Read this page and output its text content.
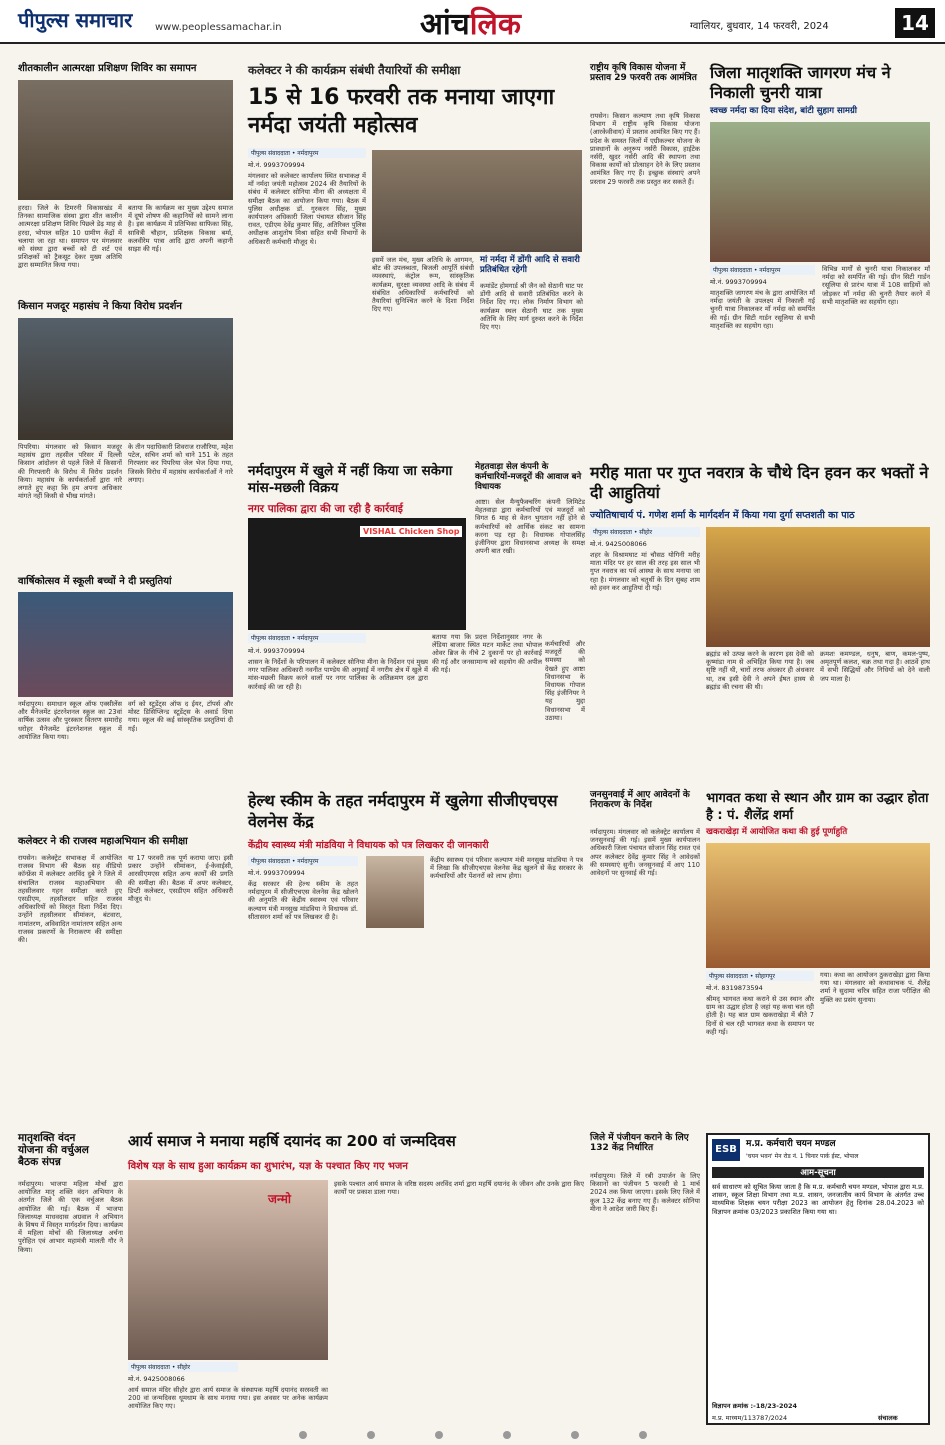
पीपुल्स समाचार www.peoplessamachar.in	आंचलिक	ग्वालियर, बुधवार, 14 फरवरी, 2024	14
शीतकालीन आत्मरक्षा प्रशिक्षण शिविर का समापन
हरदा। जिले के टिमरनी विकासखंड में तिनका सामाजिक संस्था द्वारा शीत कालीन आत्मरक्षा प्रशिक्षण शिविर पिछले डेढ़ माह से हरदा, भोपाल सहित 10 ग्रामीण केंद्रों में चलाया जा रहा था। समापन पर मंगलवार को संस्था द्वारा बच्चों को टी शर्ट एवं प्रशिक्षकों को ट्रैकसूट देकर मुख्य अतिथि द्वारा सम्मानित किया गया।
बताया कि कार्यक्रम का मुख्य उद्देश्य समाज में दूषो शोषण की कहानियों को सामने लाना है। इस कार्यक्रम में प्रतिभिका साफिका सिंह, सावित्री चौहान, प्रशिक्षक विकास बर्मा, कलवीरेम पात्रा आदि द्वारा अपनी कहानी साझा की गई।
किसान मजदूर महासंघ ने किया विरोध प्रदर्शन
पिपरिया। मंगलवार को किसान मजदूर महासंघ द्वारा तहसील परिसर में दिल्ली किसान आंदोलन से पहले जिले में किसानों की गिरफ्तारी के विरोध में विरोध प्रदर्शन किया। महासंघ के कार्यकर्ताओं द्वारा नारे लगाते हुए कहा कि हम अपना अधिकार मांगते नहीं किसी से भीख मांगते।
के तीन पदाधिकारी शिवराज राजौरिया, महेश पटेल, सचिन शर्मा को थाने 151 के तहत गिरफ्तार कर पिपरिया जेल भेज दिया गया, जिसके विरोध में महासंघ कार्यकर्ताओं ने नारे लगाए।
वार्षिकोत्सव में स्कूली बच्चों ने दी प्रस्तुतियां
नर्मदापुरम। समाधान स्कूल ऑफ एक्सीलेंस और मैनेजमेंट इंटरनेशनल स्कूल का 23वां वार्षिक उत्सव और पुरस्कार वितरण समारोह धरोहर मैनेजमेंट इंटरनेशनल स्कूल में आयोजित किया गया।
वर्ग को स्टूडेंट्स ऑफ द ईयर, टॉपर्स और मोस्ट डिसिप्लिन्ड स्टूडेंट्स के अवार्ड दिया गया। स्कूल की कई सांस्कृतिक प्रस्तुतियां दी गईं।
कलेक्टर ने की राजस्व महाअभियान की समीक्षा
रायसेन। कलेक्ट्रेट सभाकक्ष में आयोजित राजस्व विभाग की बैठक सह वीडियो कॉन्फ्रेंस में कलेक्टर अरविंद दुबे ने जिले में संचालित राजस्व महाअभियान की तहसीलवार गहन समीक्षा करते हुए एसडीएम, तहसीलदार सहित राजस्व अधिकारियों को विस्तृत दिशा निर्देश दिए। उन्होंने तहसीलवार सीमांकन, बंटवारा, नामांतरण, अविवादित नामांतरण सहित अन्य राजस्व प्रकरणों के निराकरण की समीक्षा की।
या 17 फरवरी तक पूर्ण कराया जाए। इसी प्रकार उन्होंने सीमांकन, ई-केवाईसी, आरसीएमएस सहित अन्य कार्यों की प्रगति की समीक्षा की। बैठक में अपर कलेक्टर, डिप्टी कलेक्टर, एसडीएम सहित अधिकारी मौजूद थे।
मातृशक्ति वंदन
योजना की वर्चुअल
बैठक संपन्न
नर्मदापुरम। भाजपा महिला मोर्चा द्वारा आयोजित मातृ शक्ति वंदन अभियान के अंतर्गत जिले की एक वर्चुअल बैठक आयोजित की गई। बैठक में भाजपा जिलाध्यक्ष माधवदास अग्रवाल ने अभियान के विषय में विस्तृत मार्गदर्शन दिया। कार्यक्रम में महिला मोर्चा की जिलाध्यक्ष अर्चना पुरोहित एवं आभार महामंत्री मालती गौर ने किया।
कलेक्टर ने की कार्यक्रम संबंधी तैयारियों की समीक्षा
15 से 16 फरवरी तक मनाया जाएगा नर्मदा जयंती महोत्सव
पीपुल्स संवाददाता • नर्मदापुरम
मो.नं. 9993709994
मंगलवार को कलेक्टर कार्यालय स्थित सभाकक्ष में माँ नर्मदा जयंती महोत्सव 2024 की तैयारियों के संबंध में कलेक्टर सोनिया मीना की अध्यक्षता में समीक्षा बैठक का आयोजन किया गया। बैठक में पुलिस अधीक्षक डॉ. गुरकरन सिंह, मुख्य कार्यपालन अधिकारी जिला पंचायत सौजान सिंह रावत, एडीएम देवेंद्र कुमार सिंह, अतिरिक्त पुलिस अधीक्षक आशुतोष मिश्रा सहित सभी विभागों के अधिकारी कर्मचारी मौजूद थे।
इसमें जल मंच, मुख्य अतिथि के आगमन, बोट की उपलब्धता, बिजली आपूर्ति संबंधी व्यवस्थाएं, कंट्रोल रूम, सांस्कृतिक कार्यक्रम, सुरक्षा व्यवस्था आदि के संबंध में संबंधित अधिकारियों कर्मचारियों को तैयारियां सुनिश्चित करने के दिशा निर्देश दिए गए।
मां नर्मदा में डोंगी आदि से सवारी प्रतिबंधित रहेगी
कमांडेंट होमगार्ड श्री जैन को सेठानी घाट पर डोंगी आदि से सवारी प्रतिबंधित करने के निर्देश दिए गए। लोक निर्माण विभाग को कार्यक्रम स्थल सेठानी घाट तक मुख्य अतिथि के लिए मार्ग दुरुस्त करने के निर्देश दिए गए।
नर्मदापुरम में खुले में नहीं किया जा सकेगा मांस-मछली विक्रय
नगर पालिका द्वारा की जा रही है कार्रवाई
VISHAL Chicken Shop
पीपुल्स संवाददाता • नर्मदापुरम
मो.नं. 9993709994
शासन के निर्देशों के परिपालन में कलेक्टर सोनिया मीना के निर्देशन एवं मुख्य नगर पालिका अधिकारी नवनीत पाण्डेय की अगुवाई में नगरीय क्षेत्र में खुले में मांस-मछली विक्रय करने वालों पर नगर पालिका के अतिक्रमण दल द्वारा कार्रवाई की जा रही है।
बताया गया कि प्रदत्त निर्देशानुसार नगर के लेंडिया बाजार स्थित मटन मार्केट तथा भोपाल ओवर ब्रिज के नीचे 2 दुकानों पर हो कार्रवाई की गई और जनसामान्य को सहयोग की अपील की गई।
मेहतवाड़ा सेल कंपनी के कर्मचारियों-मजदूरों की आवाज बने विधायक
आष्टा। सेल मैन्युफैक्चरिंग कंपनी लिमिटेड मेहतवाड़ा द्वारा कर्मचारियों एवं मजदूरों को विगत 6 माह से वेतन भुगतान नहीं होने से कर्मचारियों को आर्थिक संकट का सामना करना पड़ रहा है। विधायक गोपालसिंह इंजीनियर द्वारा विधानसभा अध्यक्ष के समक्ष अपनी बात रखी।
कर्मचारियों और मजदूरों की समस्या को देखते हुए आष्टा विधानसभा के विधायक गोपाल सिंह इंजीनियर ने यह मुद्दा विधानसभा में उठाया।
हेल्थ स्कीम के तहत नर्मदापुरम में खुलेगा सीजीएचएस वेलनेस केंद्र
केंद्रीय स्वास्थ्य मंत्री मांडविया ने विधायक को पत्र लिखकर दी जानकारी
पीपुल्स संवाददाता • नर्मदापुरम
मो.नं. 9993709994
केंद्र सरकार की हेल्थ स्कीम के तहत नर्मदापुरम में सीजीएचएस वेलनेस केंद्र खोलने की अनुमति की केंद्रीय स्वास्थ्य एवं परिवार कल्याण मंत्री मनसुख मांडविया ने विधायक डॉ. सीतासरन शर्मा को पत्र लिखकर दी है।
केंद्रीय स्वास्थ्य एवं परिवार कल्याण मंत्री मनसुख मांडविया ने पत्र में लिखा कि सीजीएचएस वेलनेस केंद्र खुलने से केंद्र सरकार के कर्मचारियों और पेंशनरों को लाभ होगा।
आर्य समाज ने मनाया महर्षि दयानंद का 200 वां जन्मदिवस
विशेष यज्ञ के साथ हुआ कार्यक्रम का शुभारंभ, यज्ञ के पश्चात किए गए भजन
जन्मो
पीपुल्स संवाददाता • सीहोर
मो.नं. 9425008066
आर्य समाज मंदिर सीहोर द्वारा आर्य समाज के संस्थापक महर्षि दयानंद सरस्वती का 200 वां जन्मदिवस धूमधाम के साथ मनाया गया। इस अवसर पर अनेक कार्यक्रम आयोजित किए गए।
इसके पश्चात आर्य समाज के वरिष्ठ सदस्य अरविंद शर्मा द्वारा महर्षि दयानंद के जीवन और उनके द्वारा किए कार्यों पर प्रकाश डाला गया।
राष्ट्रीय कृषि विकास योजना में प्रस्ताव 29 फरवरी तक आमंत्रित
रायसेन। किसान कल्याण तथा कृषि विकास विभाग में राष्ट्रीय कृषि विकास योजना (आरकेवीवाय) में प्रस्ताव आमंत्रित किए गए हैं। प्रदेश के समस्त जिलों में एग्रीकल्चर योजना के प्रावधानों के अनुरूप नर्सरी विकास, हाईटेक नर्सरी, खुदर नर्सरी आदि की स्थापना तथा विकास कार्यों को प्रोत्साहन देने के लिए प्रस्ताव आमंत्रित किए गए हैं। इच्छुक संस्थाएं अपने प्रस्ताव 29 फरवरी तक प्रस्तुत कर सकते हैं।
जिला मातृशक्ति जागरण मंच ने निकाली चुनरी यात्रा
स्वच्छ नर्मदा का दिया संदेश, बांटी सुहाग सामग्री
पीपुल्स संवाददाता • नर्मदापुरम
मो.नं. 9993709994
मातृशक्ति जागरण मंच के द्वारा आयोजित माँ नर्मदा जयंती के उपलक्ष्य में निकाली गई चुनरी यात्रा निकालकर माँ नर्मदा को समर्पित की गई। ग्रीन सिटी गार्डन रसूलिया से सभी मातृशक्ति का सहयोग रहा।
विभिन्न मार्गों से चुनरी यात्रा निकालकर माँ नर्मदा को समर्पित की गई। ग्रीन सिटी गार्डन रसूलिया से प्रारंभ यात्रा में 108 साड़ियों को जोड़कर माँ नर्मदा की चुनरी तैयार करने में सभी मातृशक्ति का सहयोग रहा।
मरीह माता पर गुप्त नवरात्र के चौथे दिन हवन कर भक्तों ने दी आहुतियां
ज्योतिषाचार्य पं. गणेश शर्मा के मार्गदर्शन में किया गया दुर्गा सप्तशती का पाठ
पीपुल्स संवाददाता • सीहोर
मो.नं. 9425008066
शहर के विश्रामघाट मां चौसठ योगिनी मरीह माता मंदिर पर हर साल की तरह इस साल भी गुप्त नवरात्र का पर्व आस्था के साथ मनाया जा रहा है। मंगलवार को चतुर्थी के दिन सुबह शाम को हवन कर आहुतियां दी गईं।
ब्रह्मांड को उत्पन्न करने के कारण इस देवी को कूष्मांडा नाम से अभिहित किया गया है। जब सृष्टि नहीं थी, चारों तरफ अंधकार ही अंधकार था, तब इसी देवी ने अपने ईषत हास्य से ब्रह्मांड की रचना की थी।
क्रमशः कमण्डल, धनुष, बाण, कमल-पुष्प, अमृतपूर्ण कलश, चक्र तथा गदा है। आठवें हाथ में सभी सिद्धियों और निधियों को देने वाली जप माला है।
जनसुनवाई में आए आवेदनों के निराकरण के निर्देश
नर्मदापुरम। मंगलवार को कलेक्ट्रेट कार्यालय में जनसुनवाई की गई। इसमें मुख्य कार्यपालन अधिकारी जिला पंचायत सोजान सिंह रावत एवं अपर कलेक्टर देवेंद्र कुमार सिंह ने आवेदकों की समस्याएं सुनी। जनसुनवाई में आए 110 आवेदनों पर सुनवाई की गई।
भागवत कथा से स्थान और ग्राम का उद्धार होता है : पं. शैलेंद्र शर्मा
खकराखेड़ा में आयोजित कथा की हुई पूर्णाहुति
पीपुल्स संवाददाता • सोहागपुर
मो.नं. 8319873594
श्रीमद् भागवत कथा कराने से उस स्थान और ग्राम का उद्धार होता है जहां यह कथा चल रही होती है। यह बात ग्राम खकराखेड़ा में बीते 7 दिनों से चल रही भागवत कथा के समापन पर कही गई।
गया। कथा का आयोजन ठुकराखेड़ा द्वारा किया गया था। मंगलवार को कथावाचक पं. शैलेंद्र शर्मा ने सुदामा चरित्र सहित राजा परीक्षित की मुक्ति का प्रसंग सुनाया।
जिले में पंजीयन कराने के लिए 132 केंद्र निर्धारित
नर्मदापुरम। जिले में रबी उपार्जन के लिए किसानों का पंजीयन 5 फरवरी से 1 मार्च 2024 तक किया जाएगा। इसके लिए जिले में कुल 132 केंद्र बनाए गए हैं। कलेक्टर सोनिया मीना ने आदेश जारी किए हैं।
ESB	म.प्र. कर्मचारी चयन मण्डल
'चयन भवन' मेन रोड नं. 1 चिनार पार्क ईस्ट, भोपाल
आम-सूचना
सर्व साधारण को सूचित किया जाता है कि म.प्र. कर्मचारी चयन मण्डल, भोपाल द्वारा म.प्र. शासन, स्कूल शिक्षा विभाग तथा म.प्र. शासन, जनजातीय कार्य विभाग के अंतर्गत उच्च माध्यमिक शिक्षक चयन परीक्षा 2023 का आयोजन हेतु दिनांक 28.04.2023 को विज्ञापन क्रमांक 03/2023 प्रकाशित किया गया था।
विज्ञापन क्रमांक :-18/23-2024
म.प्र. माध्यम/113787/2024	संचालक
